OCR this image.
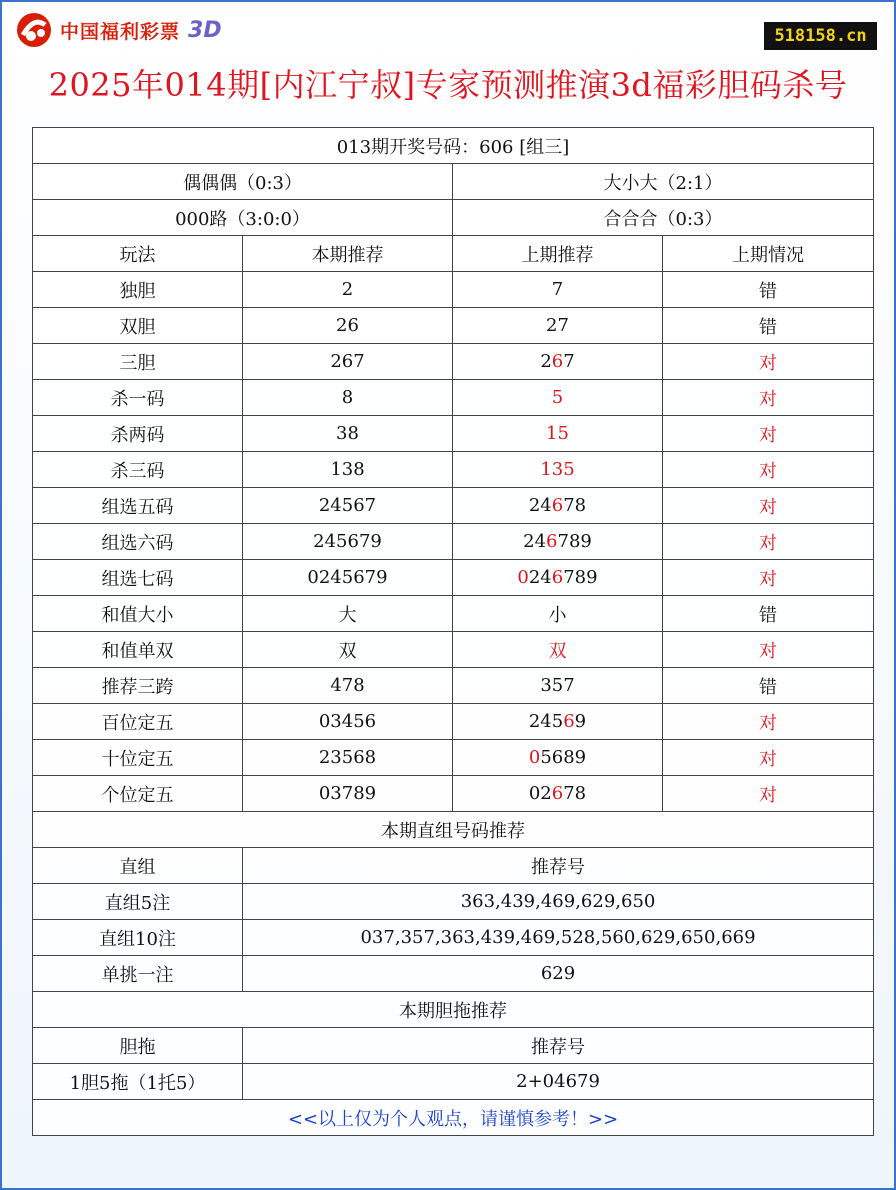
中国福利彩票 3D	518158.cn
2025年014期[内江宁叔]专家预测推演3d福彩胆码杀号
013期开奖号码：606 [组三]			
偶偶偶（0:3）		大小大（2:1）	
000路（3:0:0）		合合合（0:3）	
玩法	本期推荐	上期推荐	上期情况
独胆	2	7	错
双胆	26	27	错
三胆	267	267	对
杀一码	8	5	对
杀两码	38	15	对
杀三码	138	135	对
组选五码	24567	24678	对
组选六码	245679	246789	对
组选七码	0245679	0246789	对
和值大小	大	小	错
和值单双	双	双	对
推荐三跨	478	357	错
百位定五	03456	24569	对
十位定五	23568	05689	对
个位定五	03789	02678	对
本期直组号码推荐			
直组	推荐号		
直组5注	363,439,469,629,650		
直组10注	037,357,363,439,469,528,560,629,650,669		
单挑一注	629		
本期胆拖推荐			
胆拖	推荐号		
1胆5拖（1托5）	2+04679		
<<以上仅为个人观点，请谨慎参考！>>			
